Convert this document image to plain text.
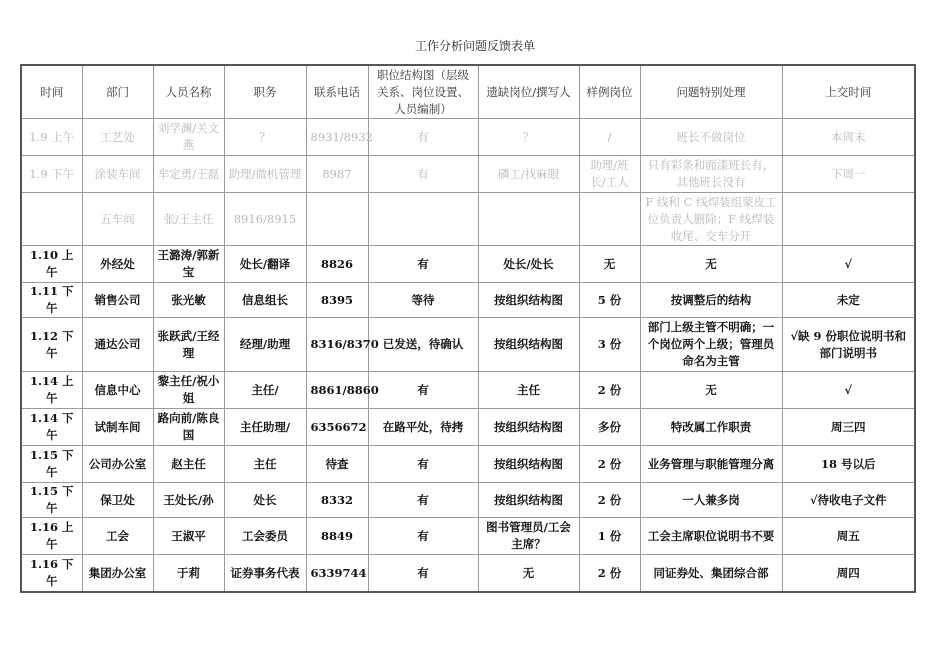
工作分析问题反馈表单
时间	部门	人员名称	职务	联系电话	职位结构图（层级关系、岗位设置、人员编制）	遗缺岗位/撰写人	样例岗位	问题特别处理	上交时间
1.9 上午	工艺处	刘学渊/关文燕	？	8931/8932	有	？	/	班长不做岗位	本周末
1.9 下午	涂装车间	牟定勇/王磊	助理/微机管理	8987	有	磷工/找麻眼	助理/班长/工人	只有彩条和面漆班长有，其他班长没有	下周一
	五车间	张/王主任	8916/8915					F 线和 C 线焊装组蒙皮工位负责人删除；F 线焊装收尾、交车分开	
1.10 上午	外经处	王潞涛/郭新宝	处长/翻译	8826	有	处长/处长	无	无	√
1.11 下午	销售公司	张光敏	信息组长	8395	等待	按组织结构图	5 份	按调整后的结构	未定
1.12 下午	通达公司	张跃武/王经理	经理/助理	8316/8370	已发送，待确认	按组织结构图	3 份	部门上级主管不明确；一个岗位两个上级；管理员命名为主管	√缺 9 份职位说明书和部门说明书
1.14 上午	信息中心	黎主任/祝小姐	主任/	8861/8860	有	主任	2 份	无	√
1.14 下午	试制车间	路向前/陈良国	主任助理/	6356672	在路平处，待拷	按组织结构图	多份	特改属工作职责	周三四
1.15 下午	公司办公室	赵主任	主任	待查	有	按组织结构图	2 份	业务管理与职能管理分离	18 号以后
1.15 下午	保卫处	王处长/孙	处长	8332	有	按组织结构图	2 份	一人兼多岗	√待收电子文件
1.16 上午	工会	王淑平	工会委员	8849	有	图书管理员/工会主席？	1 份	工会主席职位说明书不要	周五
1.16 下午	集团办公室	于莉	证券事务代表	6339744	有	无	2 份	同证券处、集团综合部	周四
